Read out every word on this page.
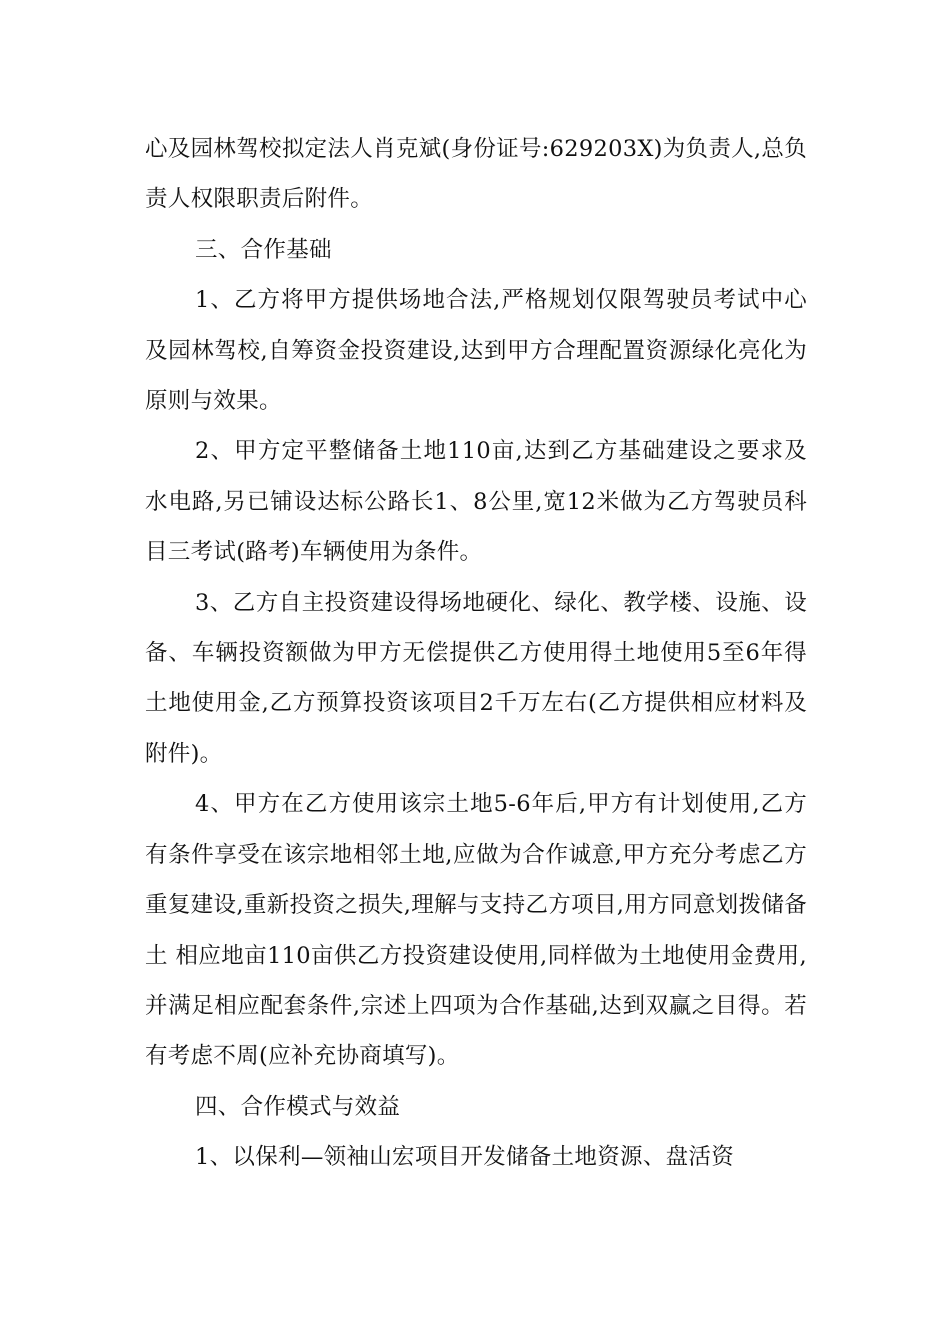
心及园林驾校拟定法人肖克斌(身份证号:629203X)为负责人,总负责人权限职责后附件。

三、合作基础

1、乙方将甲方提供场地合法,严格规划仅限驾驶员考试中心及园林驾校,自筹资金投资建设,达到甲方合理配置资源绿化亮化为原则与效果。

2、甲方定平整储备土地110亩,达到乙方基础建设之要求及水电路,另已铺设达标公路长1、8公里,宽12米做为乙方驾驶员科目三考试(路考)车辆使用为条件。

3、乙方自主投资建设得场地硬化、绿化、教学楼、设施、设备、车辆投资额做为甲方无偿提供乙方使用得土地使用5至6年得土地使用金,乙方预算投资该项目2千万左右(乙方提供相应材料及附件)。

4、甲方在乙方使用该宗土地5-6年后,甲方有计划使用,乙方有条件享受在该宗地相邻土地,应做为合作诚意,甲方充分考虑乙方重复建设,重新投资之损失,理解与支持乙方项目,用方同意划拨储备土 相应地亩110亩供乙方投资建设使用,同样做为土地使用金费用,并满足相应配套条件,宗述上四项为合作基础,达到双赢之目得。若有考虑不周(应补充协商填写)。

四、合作模式与效益

1、以保利—领袖山宏项目开发储备土地资源、盘活资
